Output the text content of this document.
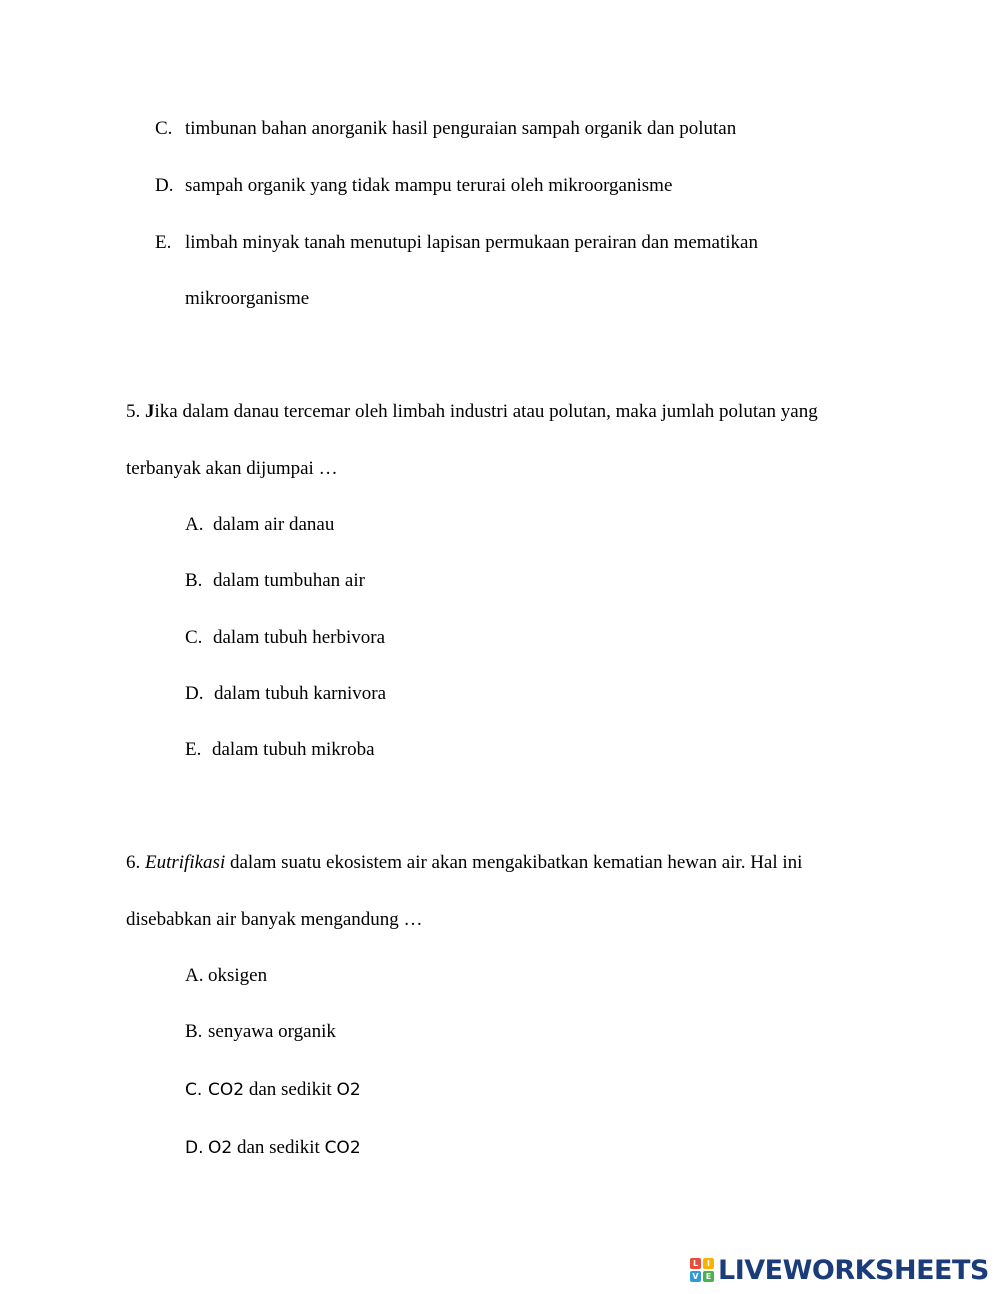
C. timbunan bahan anorganik hasil penguraian sampah organik dan polutan
D. sampah organik yang tidak mampu terurai oleh mikroorganisme
E. limbah minyak tanah menutupi lapisan permukaan perairan dan mematikan
mikroorganisme
5. Jika dalam danau tercemar oleh limbah industri atau polutan, maka jumlah polutan yang
terbanyak akan dijumpai …
A. dalam air danau
B. dalam tumbuhan air
C. dalam tubuh herbivora
D. dalam tubuh karnivora
E. dalam tubuh mikroba
6. Eutrifikasi dalam suatu ekosistem air akan mengakibatkan kematian hewan air. Hal ini
disebabkan air banyak mengandung …
A. oksigen
B. senyawa organik
C. CO2 dan sedikit O2
D. O2 dan sedikit CO2
L	I
V E LIVEWORKSHEETS
